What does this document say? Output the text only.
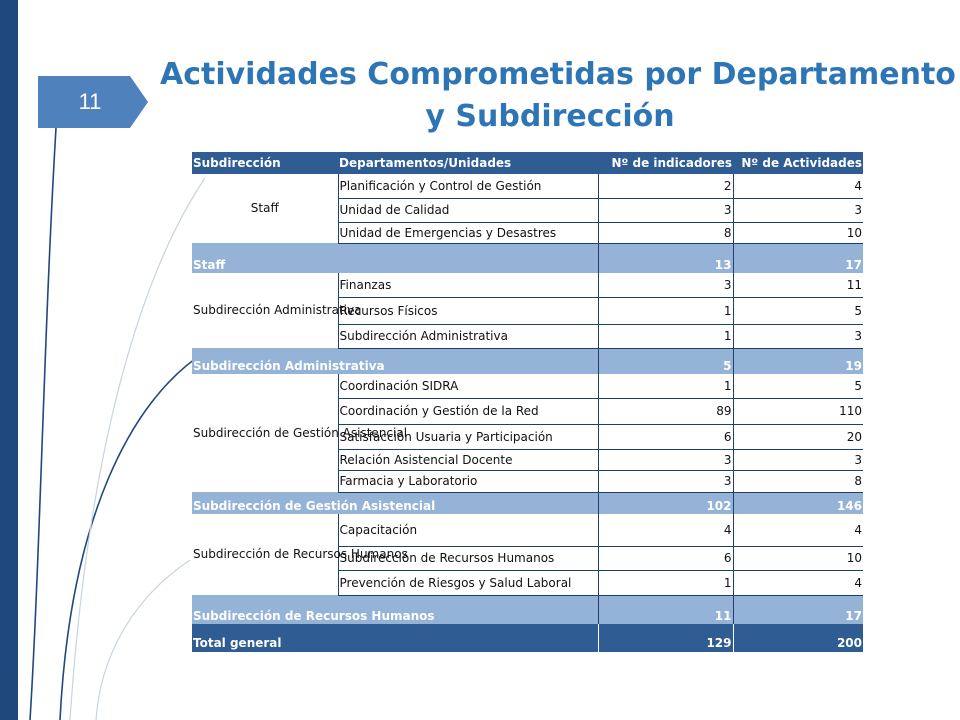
11
Actividades Comprometidas por Departamento
y Subdirección
Subdirección	Departamentos/Unidades	Nº de indicadores	Nº de Actividades
Staff	Planificación y Control de Gestión	2	4
	Unidad de Calidad	3	3
	Unidad de Emergencias y Desastres	8	10
Staff		13	17
Subdirección Administrativa	Finanzas	3	11
	Recursos Físicos	1	5
	Subdirección Administrativa	1	3
Subdirección Administrativa		5	19
Subdirección de Gestión Asistencial	Coordinación SIDRA	1	5
	Coordinación y Gestión de la Red	89	110
	Satisfacción Usuaria y Participación	6	20
	Relación Asistencial Docente	3	3
	Farmacia y Laboratorio	3	8
Subdirección de Gestión Asistencial		102	146
Subdirección de Recursos Humanos	Capacitación	4	4
	Subdirección de Recursos Humanos	6	10
	Prevención de Riesgos y Salud Laboral	1	4
Subdirección de Recursos Humanos		11	17
Total general		129	200
